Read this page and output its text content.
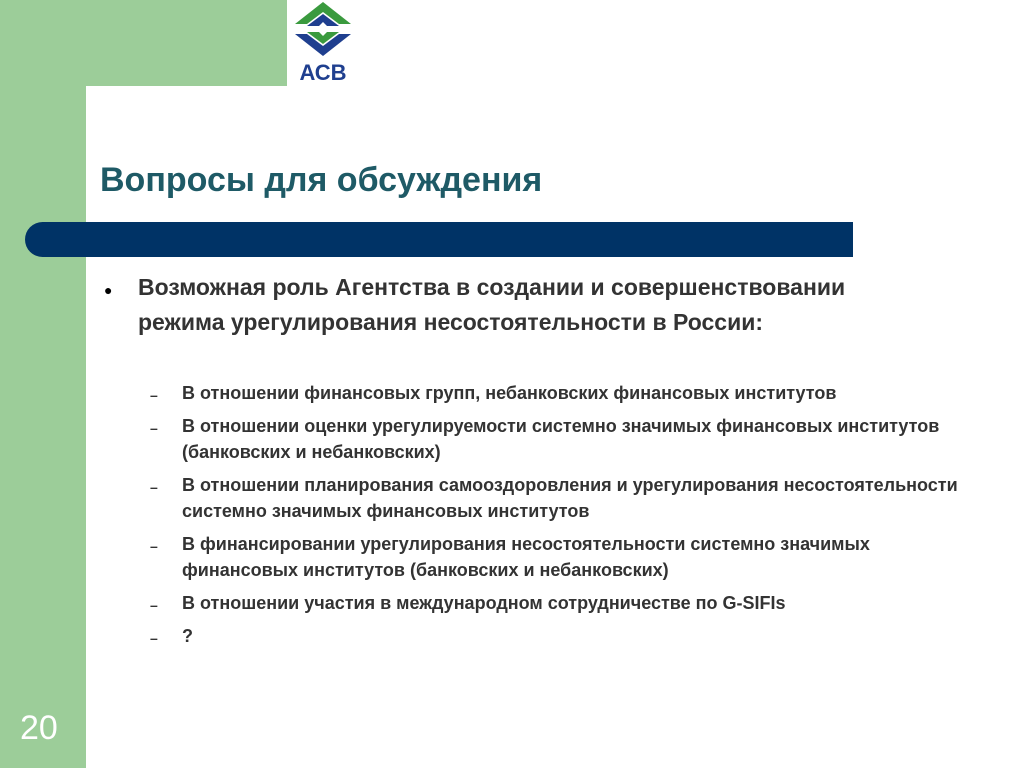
АСВ
Вопросы для обсуждения
● Возможная роль Агентства в создании и совершенствовании режима урегулирования несостоятельности в России:
– В отношении финансовых групп, небанковских финансовых институтов
– В отношении оценки урегулируемости системно значимых финансовых институтов (банковских и небанковских)
– В отношении планирования самооздоровления и урегулирования несостоятельности системно значимых финансовых институтов
– В финансировании урегулирования несостоятельности системно значимых финансовых институтов (банковских и небанковских)
– В отношении участия в международном сотрудничестве по G-SIFIs
– ?
20
